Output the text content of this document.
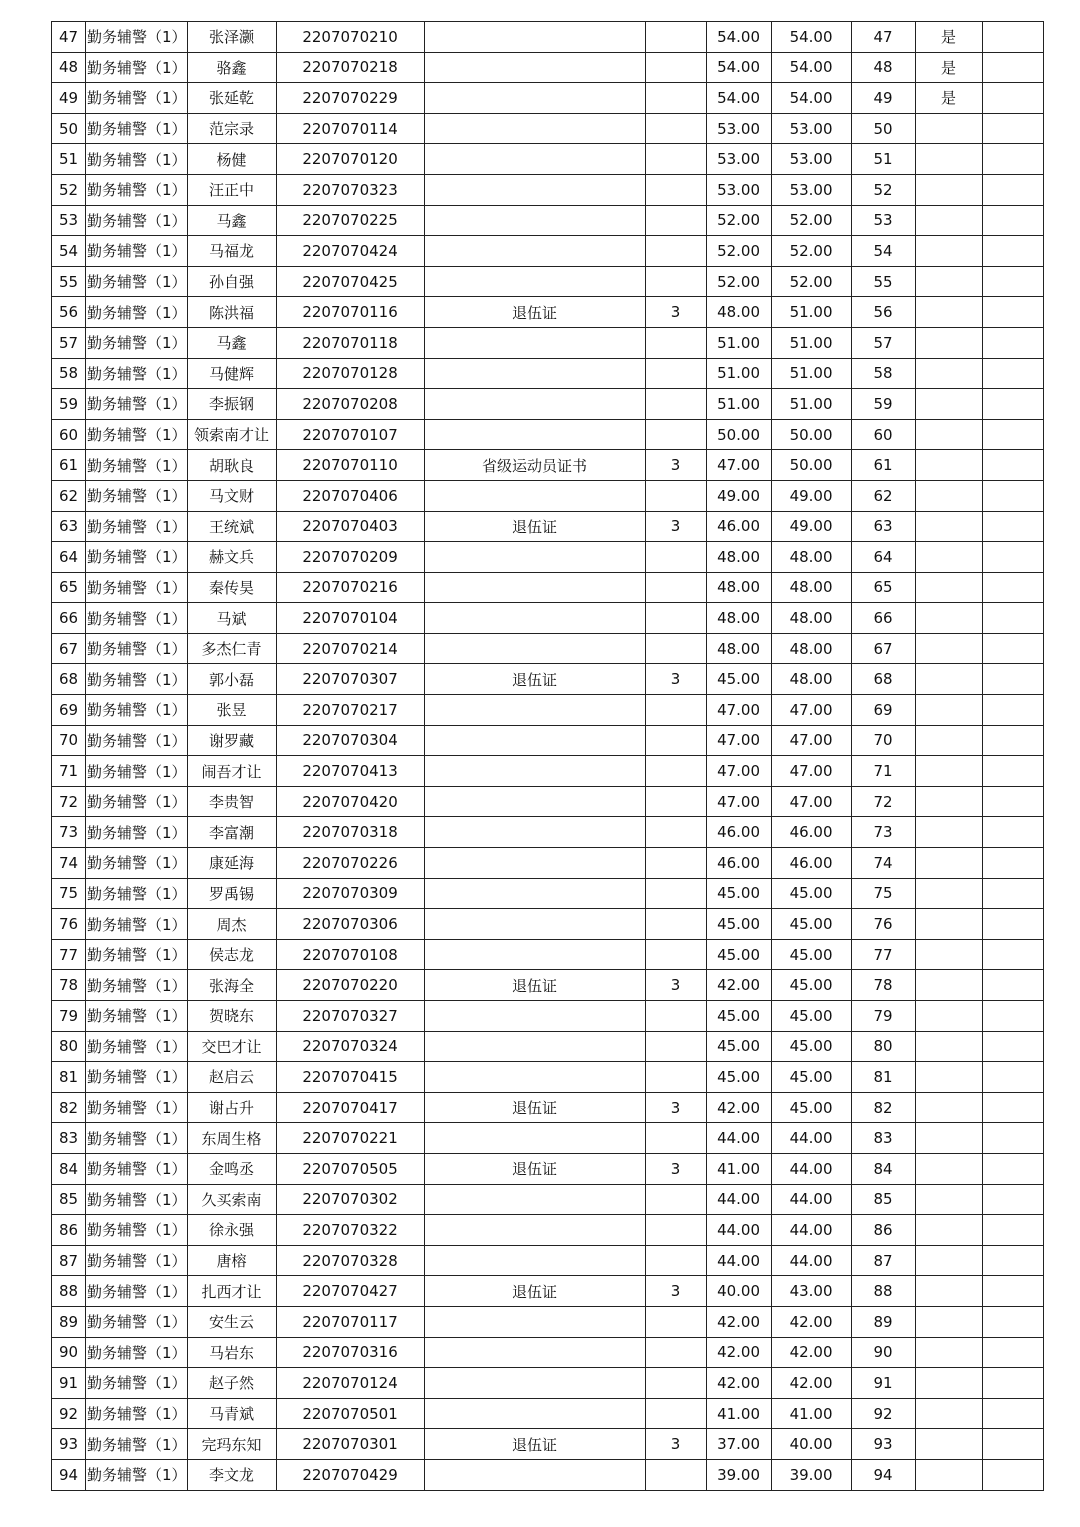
47	勤务辅警（1）	张泽灏	2207070210			54.00	54.00	47	是	
48	勤务辅警（1）	骆鑫	2207070218			54.00	54.00	48	是	
49	勤务辅警（1）	张延乾	2207070229			54.00	54.00	49	是	
50	勤务辅警（1）	范宗录	2207070114			53.00	53.00	50		
51	勤务辅警（1）	杨健	2207070120			53.00	53.00	51		
52	勤务辅警（1）	汪正中	2207070323			53.00	53.00	52		
53	勤务辅警（1）	马鑫	2207070225			52.00	52.00	53		
54	勤务辅警（1）	马福龙	2207070424			52.00	52.00	54		
55	勤务辅警（1）	孙自强	2207070425			52.00	52.00	55		
56	勤务辅警（1）	陈洪福	2207070116	退伍证	3	48.00	51.00	56		
57	勤务辅警（1）	马鑫	2207070118			51.00	51.00	57		
58	勤务辅警（1）	马健辉	2207070128			51.00	51.00	58		
59	勤务辅警（1）	李振钢	2207070208			51.00	51.00	59		
60	勤务辅警（1）	领索南才让	2207070107			50.00	50.00	60		
61	勤务辅警（1）	胡耿良	2207070110	省级运动员证书	3	47.00	50.00	61		
62	勤务辅警（1）	马文财	2207070406			49.00	49.00	62		
63	勤务辅警（1）	王统斌	2207070403	退伍证	3	46.00	49.00	63		
64	勤务辅警（1）	赫文兵	2207070209			48.00	48.00	64		
65	勤务辅警（1）	秦传昊	2207070216			48.00	48.00	65		
66	勤务辅警（1）	马斌	2207070104			48.00	48.00	66		
67	勤务辅警（1）	多杰仁青	2207070214			48.00	48.00	67		
68	勤务辅警（1）	郭小磊	2207070307	退伍证	3	45.00	48.00	68		
69	勤务辅警（1）	张昱	2207070217			47.00	47.00	69		
70	勤务辅警（1）	谢罗藏	2207070304			47.00	47.00	70		
71	勤务辅警（1）	闹吾才让	2207070413			47.00	47.00	71		
72	勤务辅警（1）	李贵智	2207070420			47.00	47.00	72		
73	勤务辅警（1）	李富潮	2207070318			46.00	46.00	73		
74	勤务辅警（1）	康延海	2207070226			46.00	46.00	74		
75	勤务辅警（1）	罗禹锡	2207070309			45.00	45.00	75		
76	勤务辅警（1）	周杰	2207070306			45.00	45.00	76		
77	勤务辅警（1）	侯志龙	2207070108			45.00	45.00	77		
78	勤务辅警（1）	张海全	2207070220	退伍证	3	42.00	45.00	78		
79	勤务辅警（1）	贺晓东	2207070327			45.00	45.00	79		
80	勤务辅警（1）	交巴才让	2207070324			45.00	45.00	80		
81	勤务辅警（1）	赵启云	2207070415			45.00	45.00	81		
82	勤务辅警（1）	谢占升	2207070417	退伍证	3	42.00	45.00	82		
83	勤务辅警（1）	东周生格	2207070221			44.00	44.00	83		
84	勤务辅警（1）	金鸣丞	2207070505	退伍证	3	41.00	44.00	84		
85	勤务辅警（1）	久买索南	2207070302			44.00	44.00	85		
86	勤务辅警（1）	徐永强	2207070322			44.00	44.00	86		
87	勤务辅警（1）	唐榕	2207070328			44.00	44.00	87		
88	勤务辅警（1）	扎西才让	2207070427	退伍证	3	40.00	43.00	88		
89	勤务辅警（1）	安生云	2207070117			42.00	42.00	89		
90	勤务辅警（1）	马岩东	2207070316			42.00	42.00	90		
91	勤务辅警（1）	赵子然	2207070124			42.00	42.00	91		
92	勤务辅警（1）	马青斌	2207070501			41.00	41.00	92		
93	勤务辅警（1）	完玛东知	2207070301	退伍证	3	37.00	40.00	93		
94	勤务辅警（1）	李文龙	2207070429			39.00	39.00	94		
